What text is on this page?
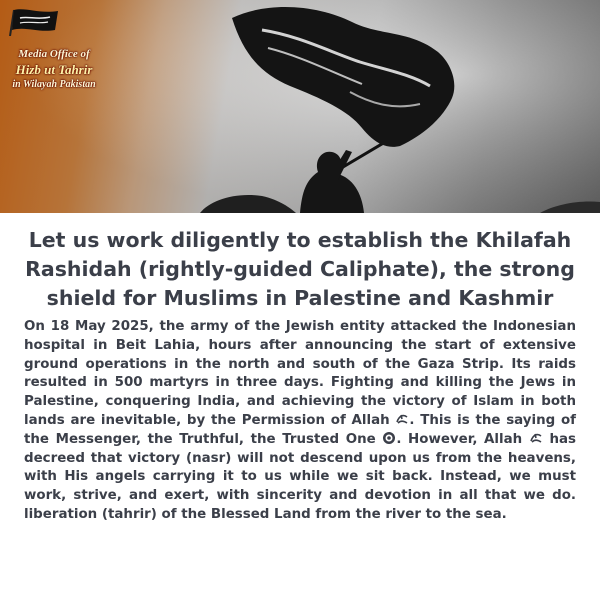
Media Office of
Hizb ut Tahrir
in Wilayah Pakistan
Let us work diligently to establish the Khilafah Rashidah (rightly-guided Caliphate), the strong shield for Muslims in Palestine and Kashmir

On 18 May 2025, the army of the Jewish entity attacked the Indonesian hospital in Beit Lahia, hours after announcing the start of extensive ground operations in the north and south of the Gaza Strip. Its raids resulted in 500 martyrs in three days. Fighting and killing the Jews in Palestine, conquering India, and achieving the victory of Islam in both lands are inevitable, by the Permission of Allah . This is the saying of the Messenger, the Truthful, the Trusted One . However, Allah has decreed that victory (nasr) will not descend upon us from the heavens, with His angels carrying it to us while we sit back. Instead, we must work, strive, and exert, with sincerity and devotion in all that we do. liberation (tahrir) of the Blessed Land from the river to the sea.
